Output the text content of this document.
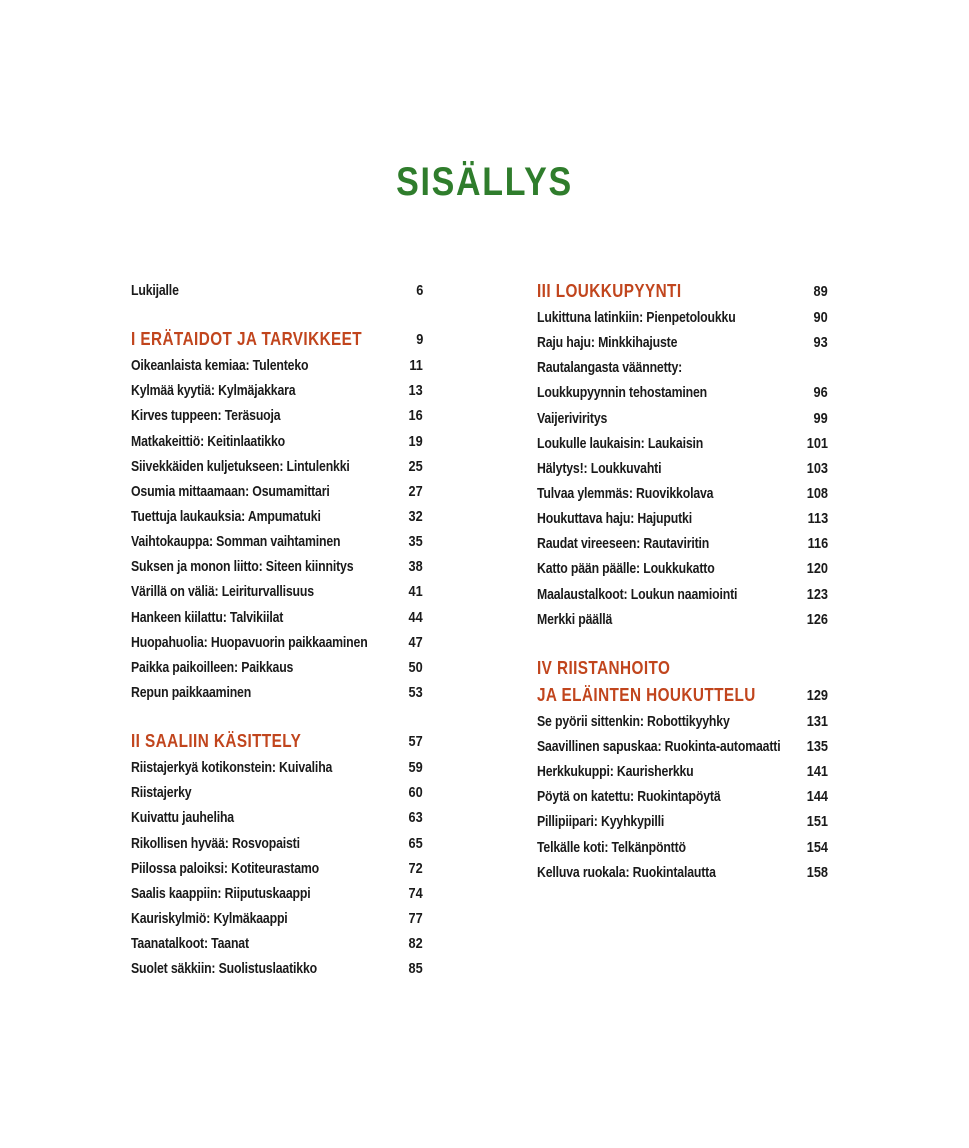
SISÄLLYS
Lukijalle	6
I ERÄTAIDOT JA TARVIKKEET	9
Oikeanlaista kemiaa: Tulenteko	11
Kylmää kyytiä: Kylmäjakkara	13
Kirves tuppeen: Teräsuoja	16
Matkakeittiö: Keitinlaatikko	19
Siivekkäiden kuljetukseen: Lintulenkki	25
Osumia mittaamaan: Osumamittari	27
Tuettuja laukauksia: Ampumatuki	32
Vaihtokauppa: Somman vaihtaminen	35
Suksen ja monon liitto: Siteen kiinnitys	38
Värillä on väliä: Leiriturvallisuus	41
Hankeen kiilattu: Talvikiilat	44
Huopahuolia: Huopavuorin paikkaaminen	47
Paikka paikoilleen: Paikkaus	50
Repun paikkaaminen	53
II SAALIIN KÄSITTELY	57
Riistajerkyä kotikonstein: Kuivaliha	59
Riistajerky	60
Kuivattu jauheliha	63
Rikollisen hyvää: Rosvopaisti	65
Piilossa paloiksi: Kotiteurastamo	72
Saalis kaappiin: Riiputuskaappi	74
Kauriskylmiö: Kylmäkaappi	77
Taanatalkoot: Taanat	82
Suolet säkkiin: Suolistuslaatikko	85
III LOUKKUPYYNTI	89
Lukittuna latinkiin: Pienpetoloukku	90
Raju haju: Minkkihajuste	93
Rautalangasta väännetty:
Loukkupyynnin tehostaminen	96
Vaijeriviritys	99
Loukulle laukaisin: Laukaisin	101
Hälytys!: Loukkuvahti	103
Tulvaa ylemmäs: Ruovikkolava	108
Houkuttava haju: Hajuputki	113
Raudat vireeseen: Rautaviritin	116
Katto pään päälle: Loukkukatto	120
Maalaustalkoot: Loukun naamiointi	123
Merkki päällä	126
IV RIISTANHOITO
JA ELÄINTEN HOUKUTTELU	129
Se pyörii sittenkin: Robottikyyhky	131
Saavillinen sapuskaa: Ruokinta-automaatti 135
Herkkukuppi: Kaurisherkku	141
Pöytä on katettu: Ruokintapöytä	144
Pillipiipari: Kyyhkypilli	151
Telkälle koti: Telkänpönttö	154
Kelluva ruokala: Ruokintalautta	158
